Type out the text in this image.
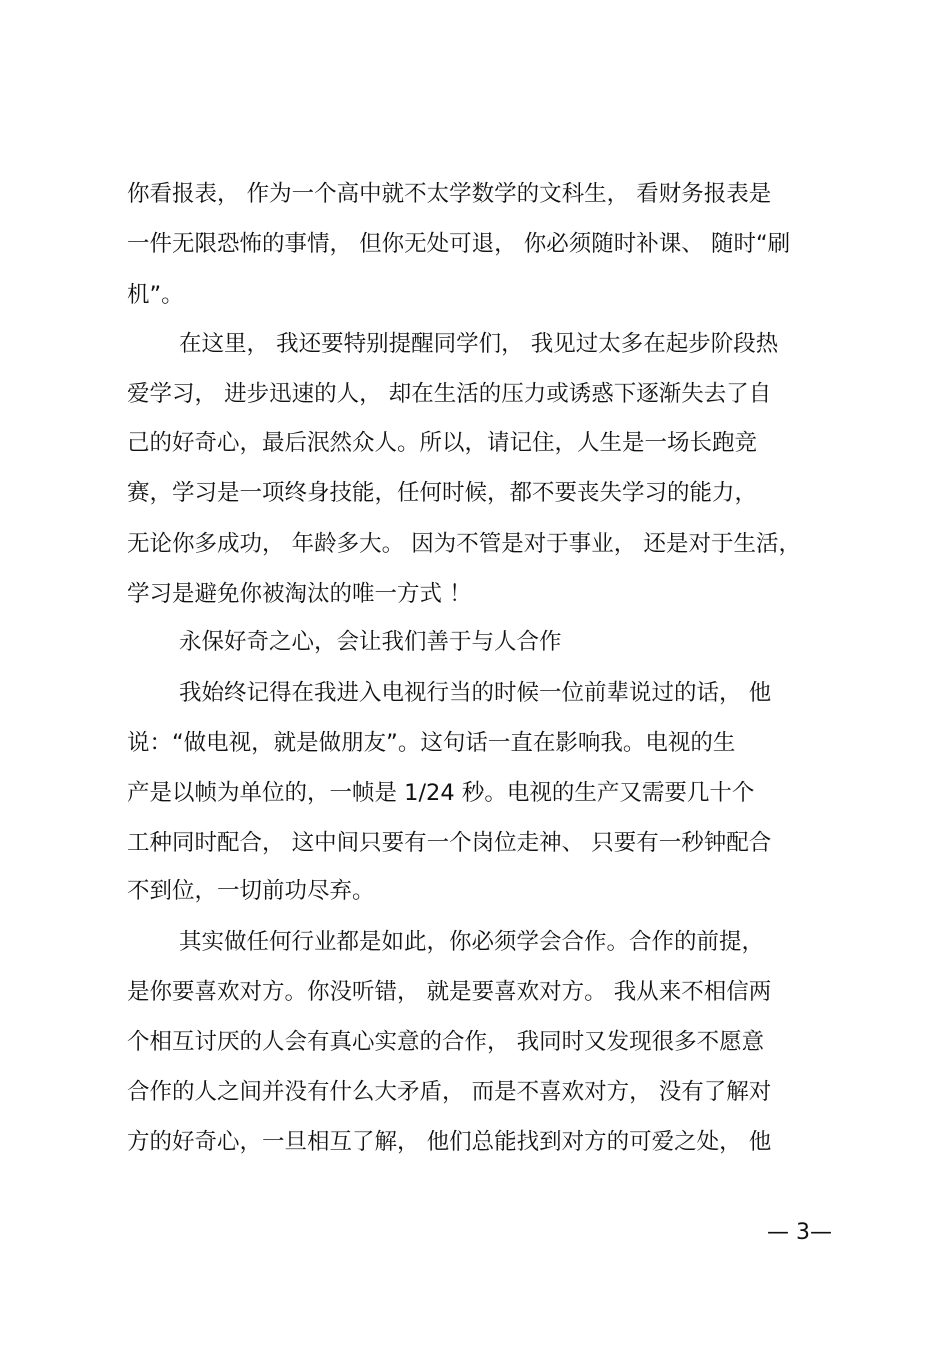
你看报表， 作为一个高中就不太学数学的文科生， 看财务报表是
一件无限恐怖的事情， 但你无处可退， 你必须随时补课、 随时“刷
机”。
在这里， 我还要特别提醒同学们， 我见过太多在起步阶段热
爱学习， 进步迅速的人， 却在生活的压力或诱惑下逐渐失去了自
己的好奇心，最后泯然众人。所以，请记住，人生是一场长跑竞
赛，学习是一项终身技能，任何时候，都不要丧失学习的能力，
无论你多成功， 年龄多大。 因为不管是对于事业， 还是对于生活，
学习是避免你被淘汰的唯一方式 ！
永保好奇之心，会让我们善于与人合作
我始终记得在我进入电视行当的时候一位前辈说过的话， 他
说：“做电视，就是做朋友”。这句话一直在影响我。电视的生
产是以帧为单位的，一帧是 1/24 秒。电视的生产又需要几十个
工种同时配合， 这中间只要有一个岗位走神、 只要有一秒钟配合
不到位，一切前功尽弃。
其实做任何行业都是如此，你必须学会合作。合作的前提，
是你要喜欢对方。你没听错， 就是要喜欢对方。 我从来不相信两
个相互讨厌的人会有真心实意的合作， 我同时又发现很多不愿意
合作的人之间并没有什么大矛盾， 而是不喜欢对方， 没有了解对
方的好奇心，一旦相互了解， 他们总能找到对方的可爱之处， 他
— 3—
